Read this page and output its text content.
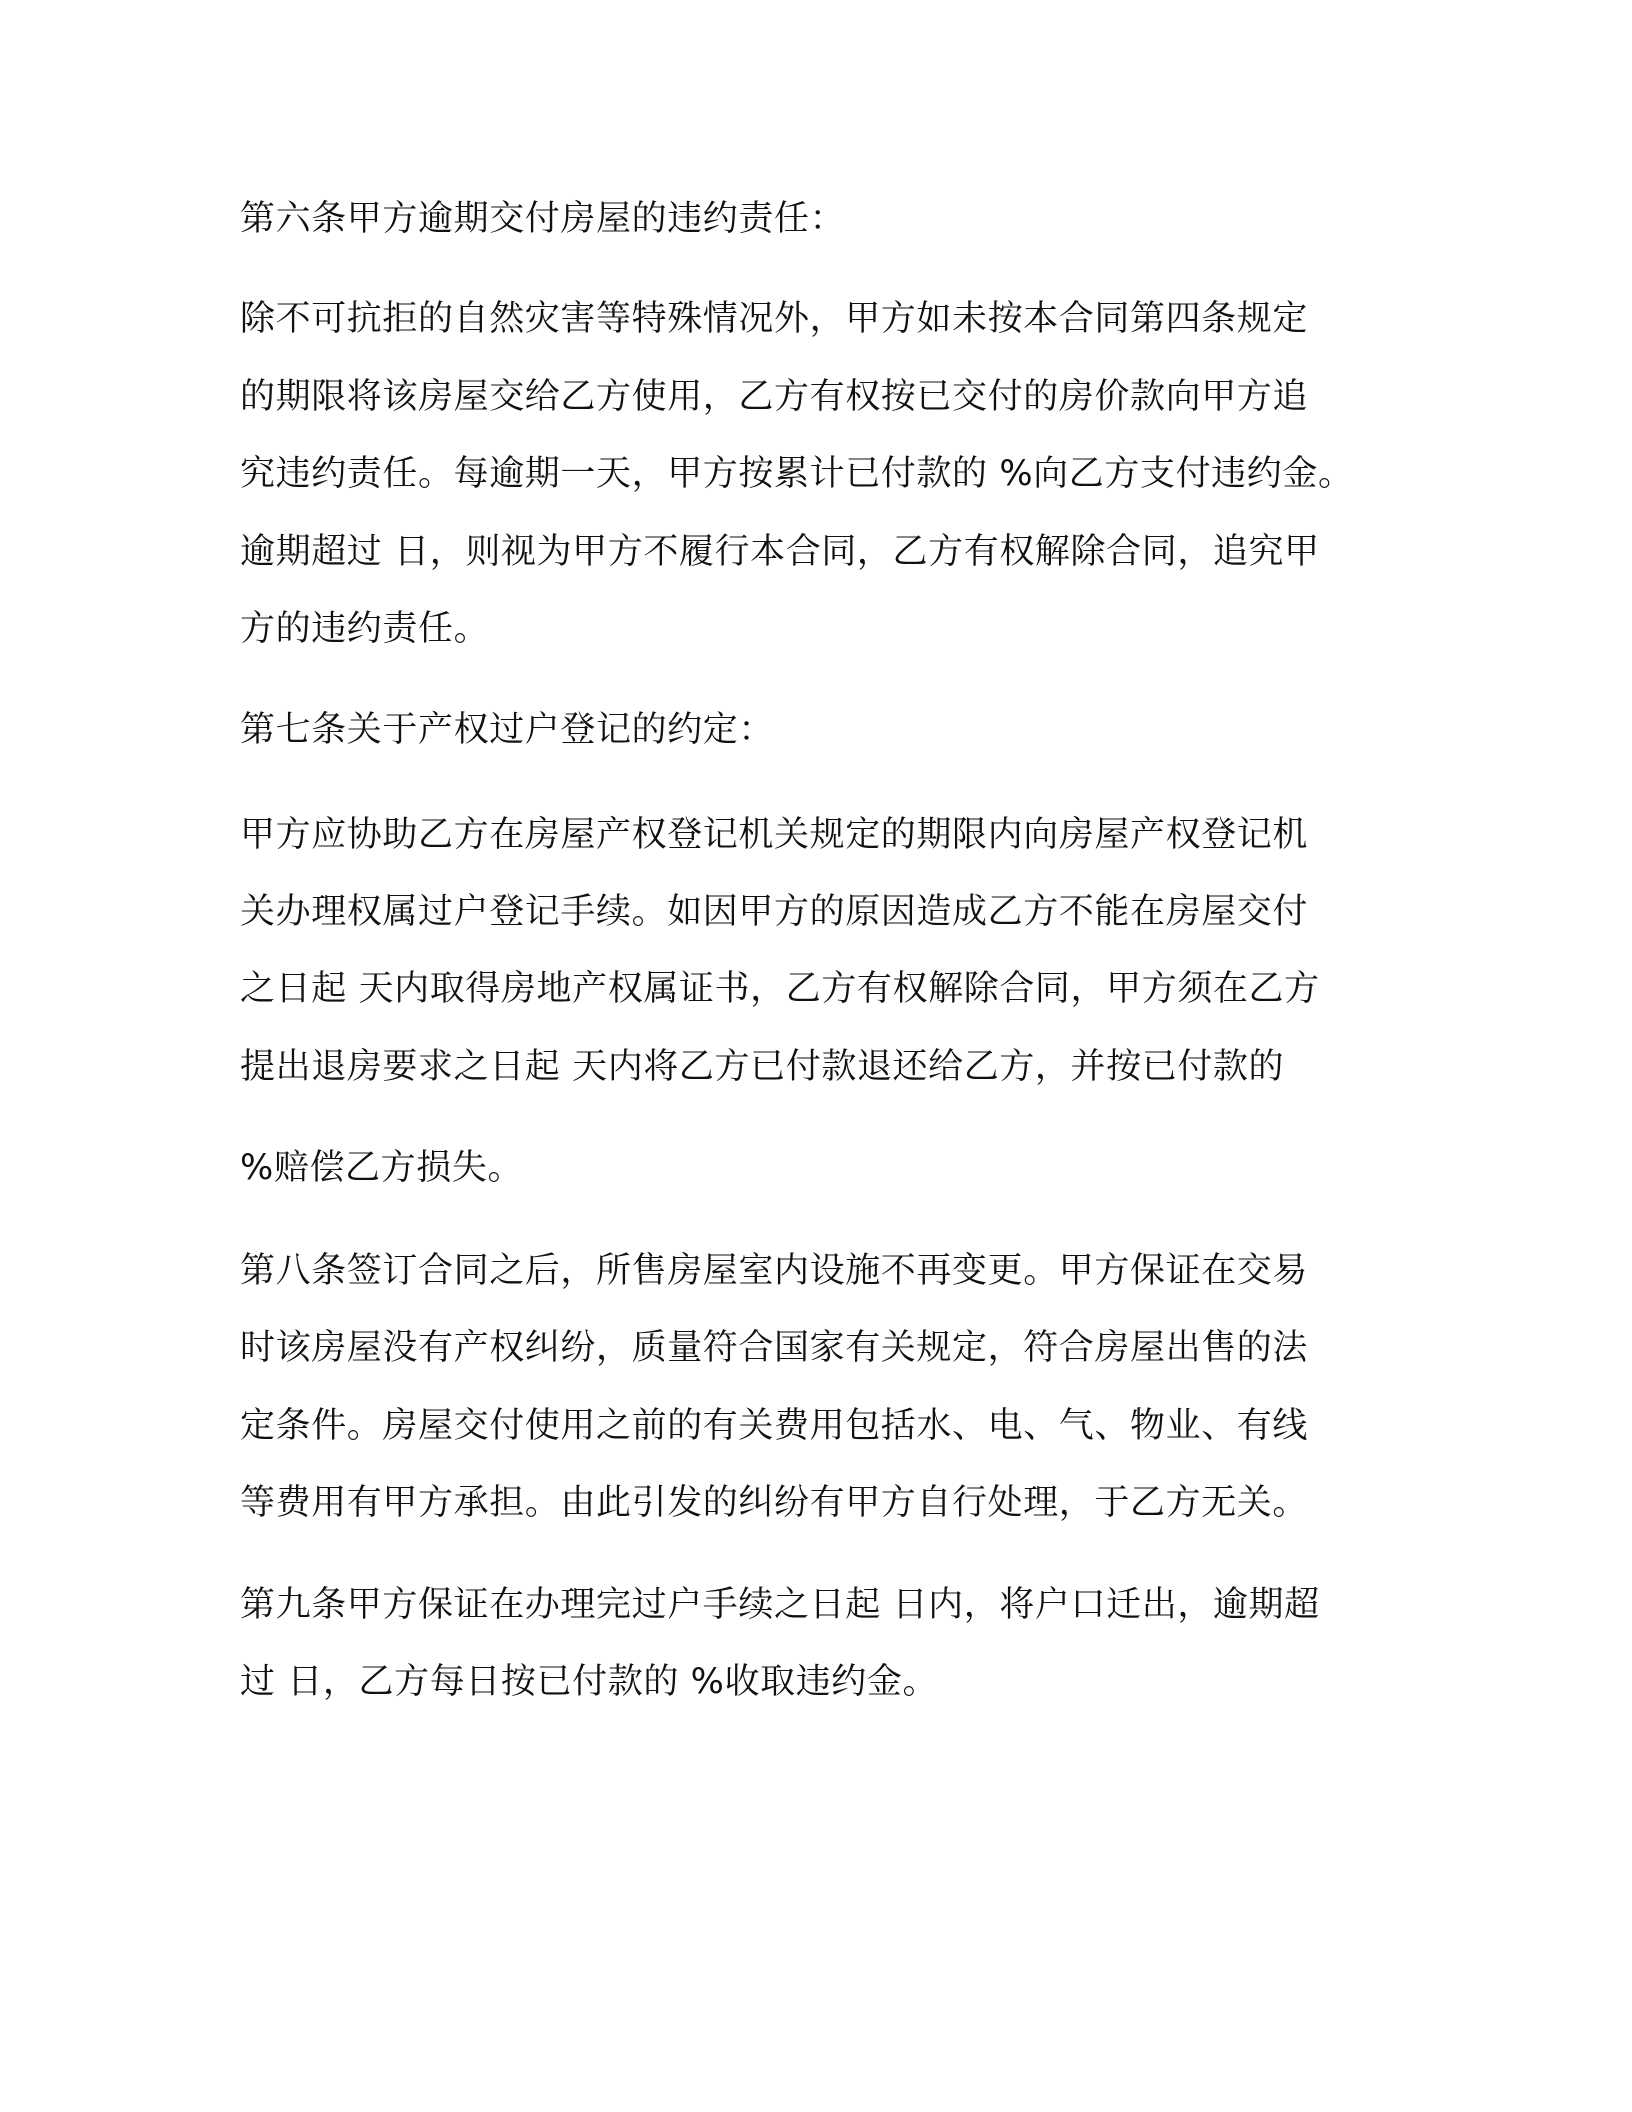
第六条甲方逾期交付房屋的违约责任：
除不可抗拒的自然灾害等特殊情况外，甲方如未按本合同第四条规定
的期限将该房屋交给乙方使用，乙方有权按已交付的房价款向甲方追
究违约责任。每逾期一天，甲方按累计已付款的 %向乙方支付违约金。
逾期超过 日，则视为甲方不履行本合同，乙方有权解除合同，追究甲
方的违约责任。
第七条关于产权过户登记的约定：
甲方应协助乙方在房屋产权登记机关规定的期限内向房屋产权登记机
关办理权属过户登记手续。如因甲方的原因造成乙方不能在房屋交付
之日起 天内取得房地产权属证书，乙方有权解除合同，甲方须在乙方
提出退房要求之日起 天内将乙方已付款退还给乙方，并按已付款的
%赔偿乙方损失。
第八条签订合同之后，所售房屋室内设施不再变更。甲方保证在交易
时该房屋没有产权纠纷，质量符合国家有关规定，符合房屋出售的法
定条件。房屋交付使用之前的有关费用包括水、电、气、物业、有线
等费用有甲方承担。由此引发的纠纷有甲方自行处理，于乙方无关。
第九条甲方保证在办理完过户手续之日起 日内，将户口迁出，逾期超
过 日，乙方每日按已付款的 %收取违约金。
